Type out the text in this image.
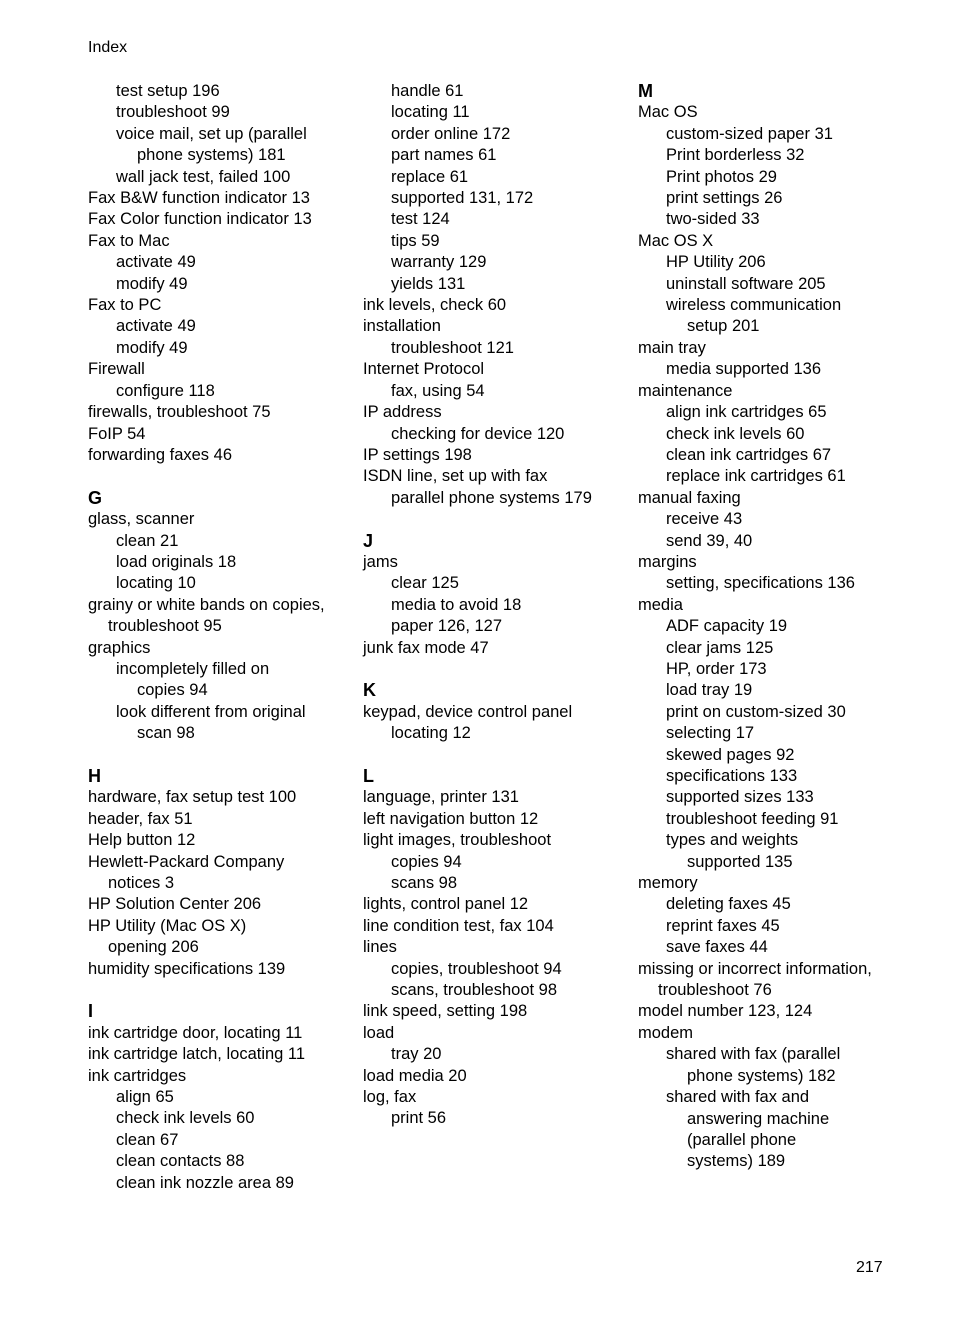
Index
test setup 196
troubleshoot 99
voice mail, set up (parallel
phone systems) 181
wall jack test, failed 100
Fax B&W function indicator 13
Fax Color function indicator 13
Fax to Mac
activate 49
modify 49
Fax to PC
activate 49
modify 49
Firewall
configure 118
firewalls, troubleshoot 75
FoIP 54
forwarding faxes 46
G
glass, scanner
clean 21
load originals 18
locating 10
grainy or white bands on copies,
troubleshoot 95
graphics
incompletely filled on
copies 94
look different from original
scan 98
H
hardware, fax setup test 100
header, fax 51
Help button 12
Hewlett-Packard Company
notices 3
HP Solution Center 206
HP Utility (Mac OS X)
opening 206
humidity specifications 139
I
ink cartridge door, locating 11
ink cartridge latch, locating 11
ink cartridges
align 65
check ink levels 60
clean 67
clean contacts 88
clean ink nozzle area 89
handle 61
locating 11
order online 172
part names 61
replace 61
supported 131, 172
test 124
tips 59
warranty 129
yields 131
ink levels, check 60
installation
troubleshoot 121
Internet Protocol
fax, using 54
IP address
checking for device 120
IP settings 198
ISDN line, set up with fax
parallel phone systems 179
J
jams
clear 125
media to avoid 18
paper 126, 127
junk fax mode 47
K
keypad, device control panel
locating 12
L
language, printer 131
left navigation button 12
light images, troubleshoot
copies 94
scans 98
lights, control panel 12
line condition test, fax 104
lines
copies, troubleshoot 94
scans, troubleshoot 98
link speed, setting 198
load
tray 20
load media 20
log, fax
print 56
M
Mac OS
custom-sized paper 31
Print borderless 32
Print photos 29
print settings 26
two-sided 33
Mac OS X
HP Utility 206
uninstall software 205
wireless communication
setup 201
main tray
media supported 136
maintenance
align ink cartridges 65
check ink levels 60
clean ink cartridges 67
replace ink cartridges 61
manual faxing
receive 43
send 39, 40
margins
setting, specifications 136
media
ADF capacity 19
clear jams 125
HP, order 173
load tray 19
print on custom-sized 30
selecting 17
skewed pages 92
specifications 133
supported sizes 133
troubleshoot feeding 91
types and weights
supported 135
memory
deleting faxes 45
reprint faxes 45
save faxes 44
missing or incorrect information,
troubleshoot 76
model number 123, 124
modem
shared with fax (parallel
phone systems) 182
shared with fax and
answering machine
(parallel phone
systems) 189
217
